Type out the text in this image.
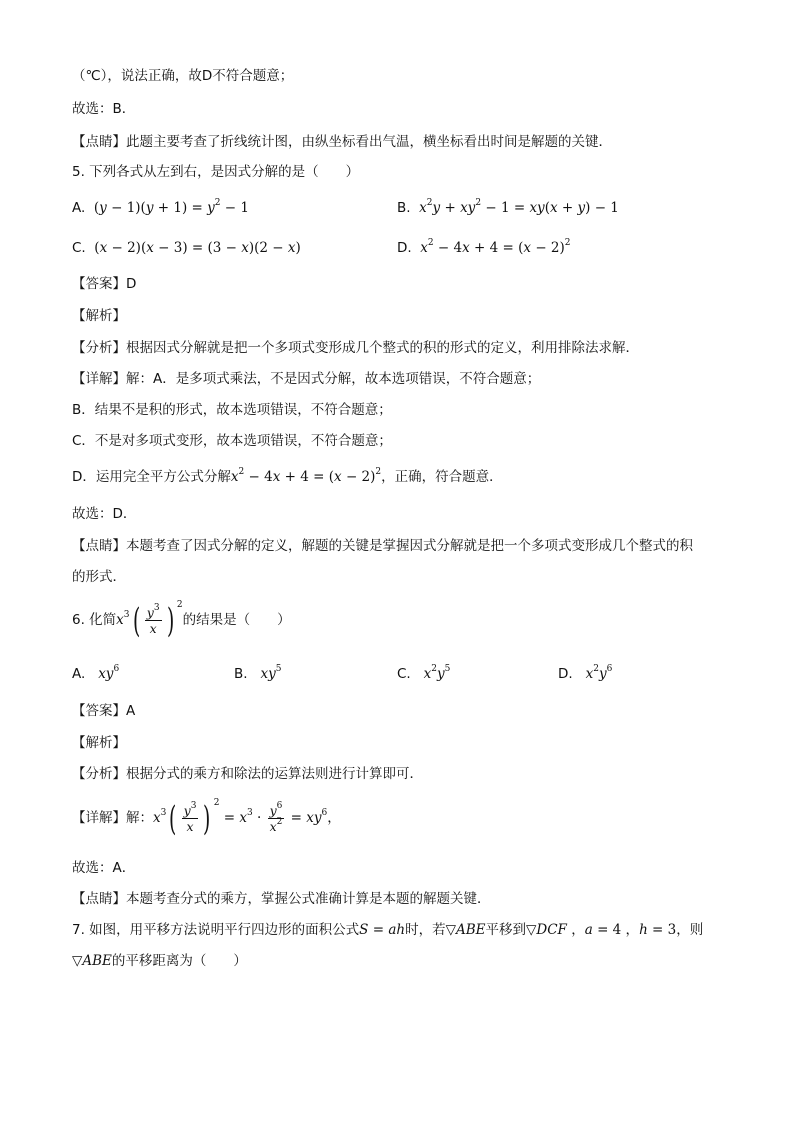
（℃），说法正确，故D不符合题意；
故选：B．
【点睛】此题主要考查了折线统计图，由纵坐标看出气温，横坐标看出时间是解题的关键．
5. 下列各式从左到右，是因式分解的是（　　）
A.  $(y - 1)(y + 1) = y^2 - 1$	B. $x^2y + xy^2 - 1 = xy(x + y) - 1$
C.  (x − 2)(x − 3) = (3 − x)(2 − x)	D. $x^2 - 4x + 4 = (x - 2)^2$
【答案】D
【解析】
【分析】根据因式分解就是把一个多项式变形成几个整式的积的形式的定义，利用排除法求解．
【详解】解：A．是多项式乘法，不是因式分解，故本选项错误，不符合题意；
B．结果不是积的形式，故本选项错误，不符合题意；
C．不是对多项式变形，故本选项错误，不符合题意；
D．运用完全平方公式分解$x^2 - 4x + 4 = (x - 2)^2$，正确，符合题意．
故选：D．
【点睛】本题考查了因式分解的定义，解题的关键是掌握因式分解就是把一个多项式变形成几个整式的积
的形式．
6. 化简$x^3( \frac{y^3}{x}$ ) $^2$的结果是（　　）
A. $xy^6$	B. $xy^5$	C. $x^2y^5$	D. $x^2y^6$
【答案】A
【解析】
【分析】根据分式的乘方和除法的运算法则进行计算即可．
【详解】解：$x^3( \frac{y^3}{x}$ ) $^2 = x^3 \cdot \frac{y^6}{x^2} = xy^6$，
故选：A．
【点睛】本题考查分式的乘方，掌握公式准确计算是本题的解题关键．
7. 如图，用平移方法说明平行四边形的面积公式S = ah时，若▽ABE平移到▽DCF ，a = 4 ，h = 3，则
▽ABE的平移距离为（　　）
